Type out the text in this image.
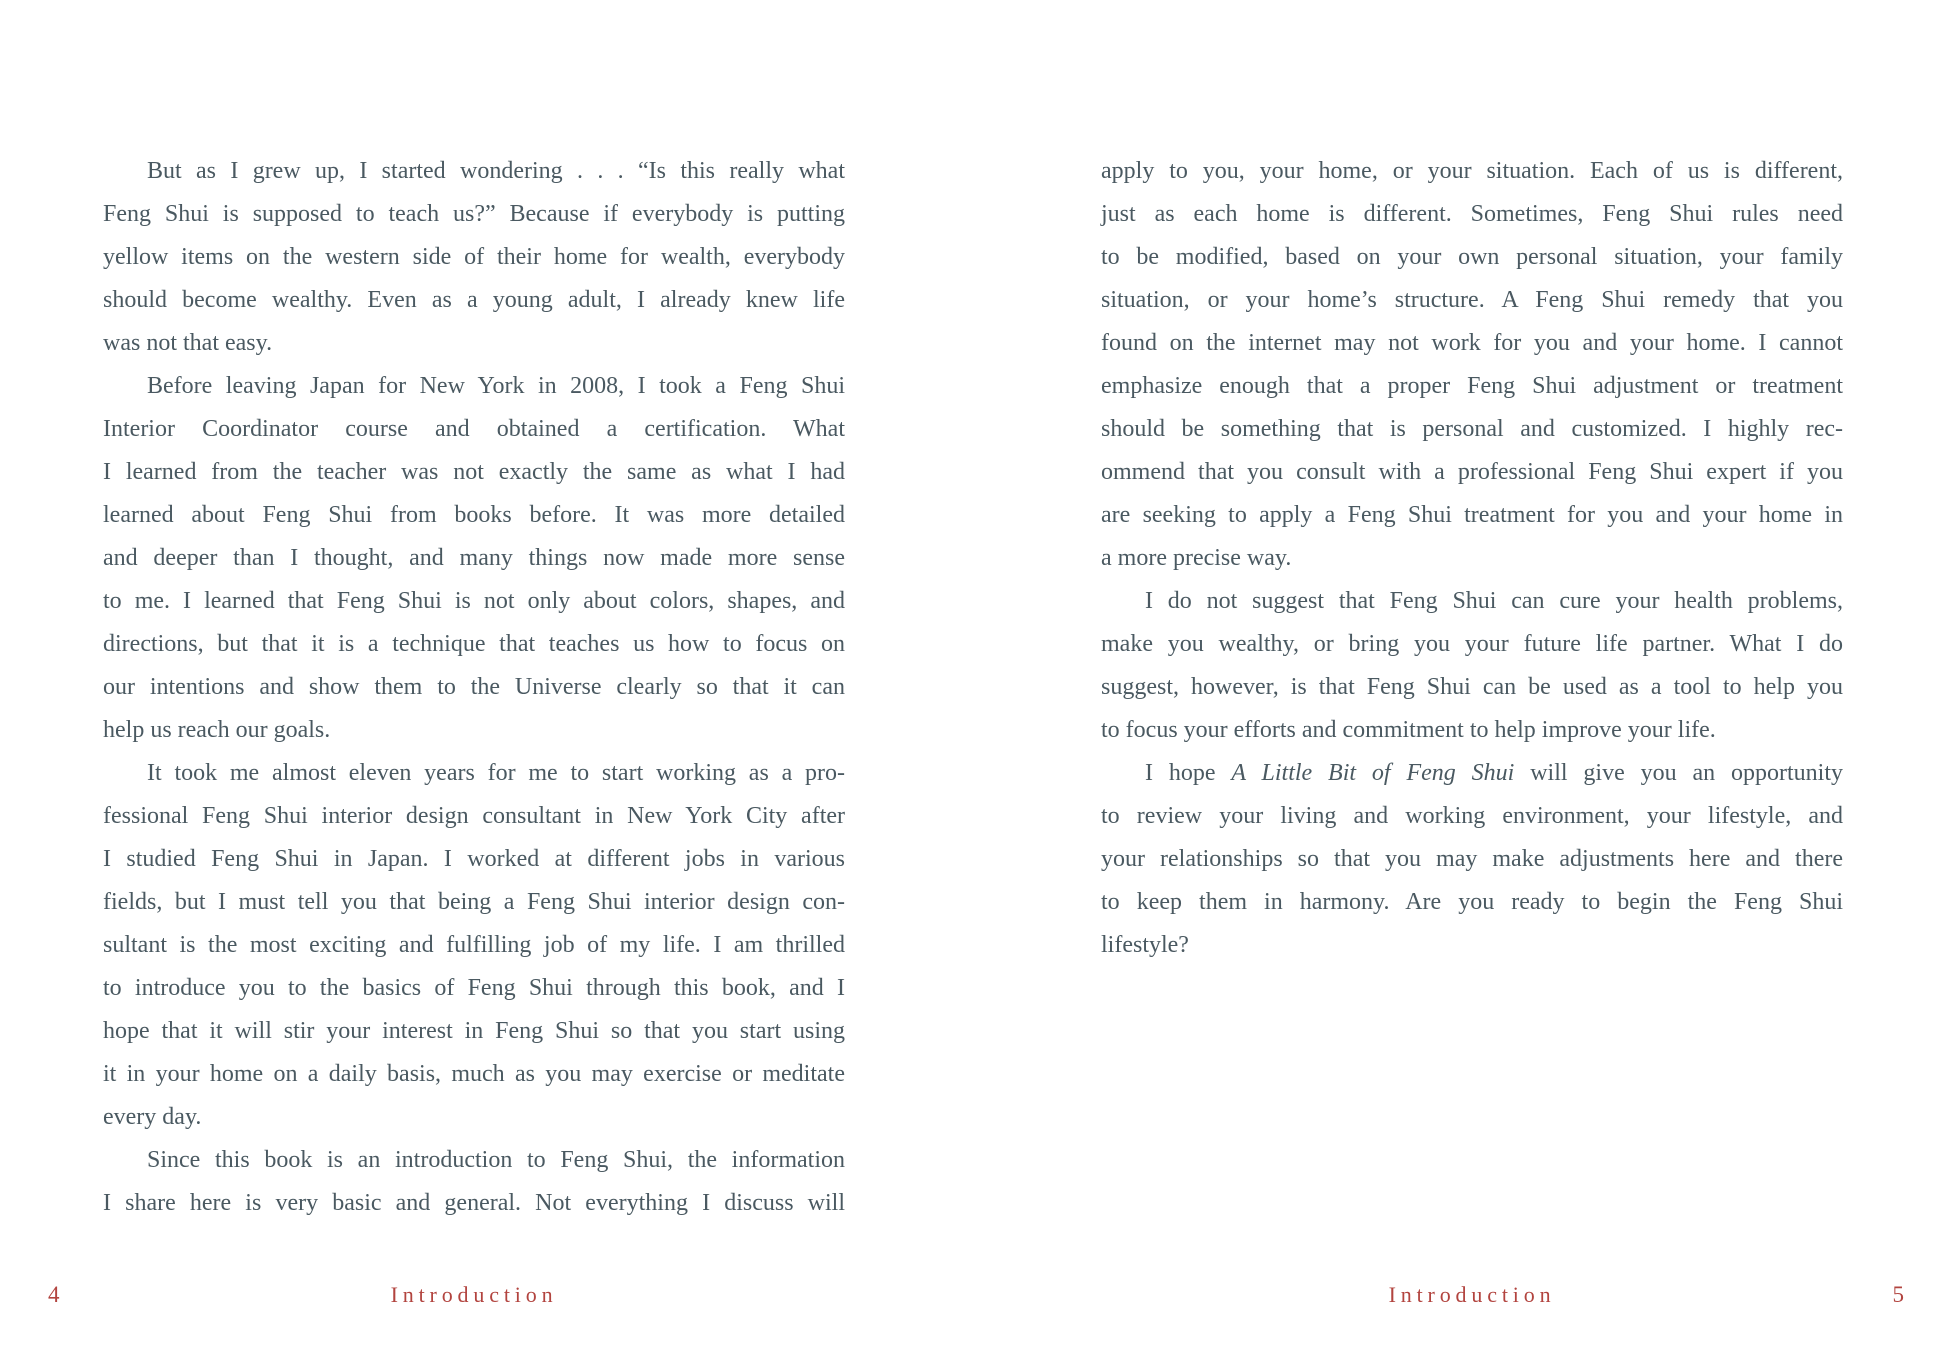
But as I grew up, I started wondering . . . “Is this really what
Feng Shui is supposed to teach us?” Because if everybody is putting
yellow items on the western side of their home for wealth, everybody
should become wealthy. Even as a young adult, I already knew life
was not that easy.
Before leaving Japan for New York in 2008, I took a Feng Shui
Interior Coordinator course and obtained a certification. What
I learned from the teacher was not exactly the same as what I had
learned about Feng Shui from books before. It was more detailed
and deeper than I thought, and many things now made more sense
to me. I learned that Feng Shui is not only about colors, shapes, and
directions, but that it is a technique that teaches us how to focus on
our intentions and show them to the Universe clearly so that it can
help us reach our goals.
It took me almost eleven years for me to start working as a pro-
fessional Feng Shui interior design consultant in New York City after
I studied Feng Shui in Japan. I worked at different jobs in various
fields, but I must tell you that being a Feng Shui interior design con-
sultant is the most exciting and fulfilling job of my life. I am thrilled
to introduce you to the basics of Feng Shui through this book, and I
hope that it will stir your interest in Feng Shui so that you start using
it in your home on a daily basis, much as you may exercise or meditate
every day.
Since this book is an introduction to Feng Shui, the information
I share here is very basic and general. Not everything I discuss will
4	Introduction
apply to you, your home, or your situation. Each of us is different,
just as each home is different. Sometimes, Feng Shui rules need
to be modified, based on your own personal situation, your family
situation, or your home’s structure. A Feng Shui remedy that you
found on the internet may not work for you and your home. I cannot
emphasize enough that a proper Feng Shui adjustment or treatment
should be something that is personal and customized. I highly rec-
ommend that you consult with a professional Feng Shui expert if you
are seeking to apply a Feng Shui treatment for you and your home in
a more precise way.
I do not suggest that Feng Shui can cure your health problems,
make you wealthy, or bring you your future life partner. What I do
suggest, however, is that Feng Shui can be used as a tool to help you
to focus your efforts and commitment to help improve your life.
I hope A Little Bit of Feng Shui will give you an opportunity
to review your living and working environment, your lifestyle, and
your relationships so that you may make adjustments here and there
to keep them in harmony. Are you ready to begin the Feng Shui
lifestyle?
Introduction	5
